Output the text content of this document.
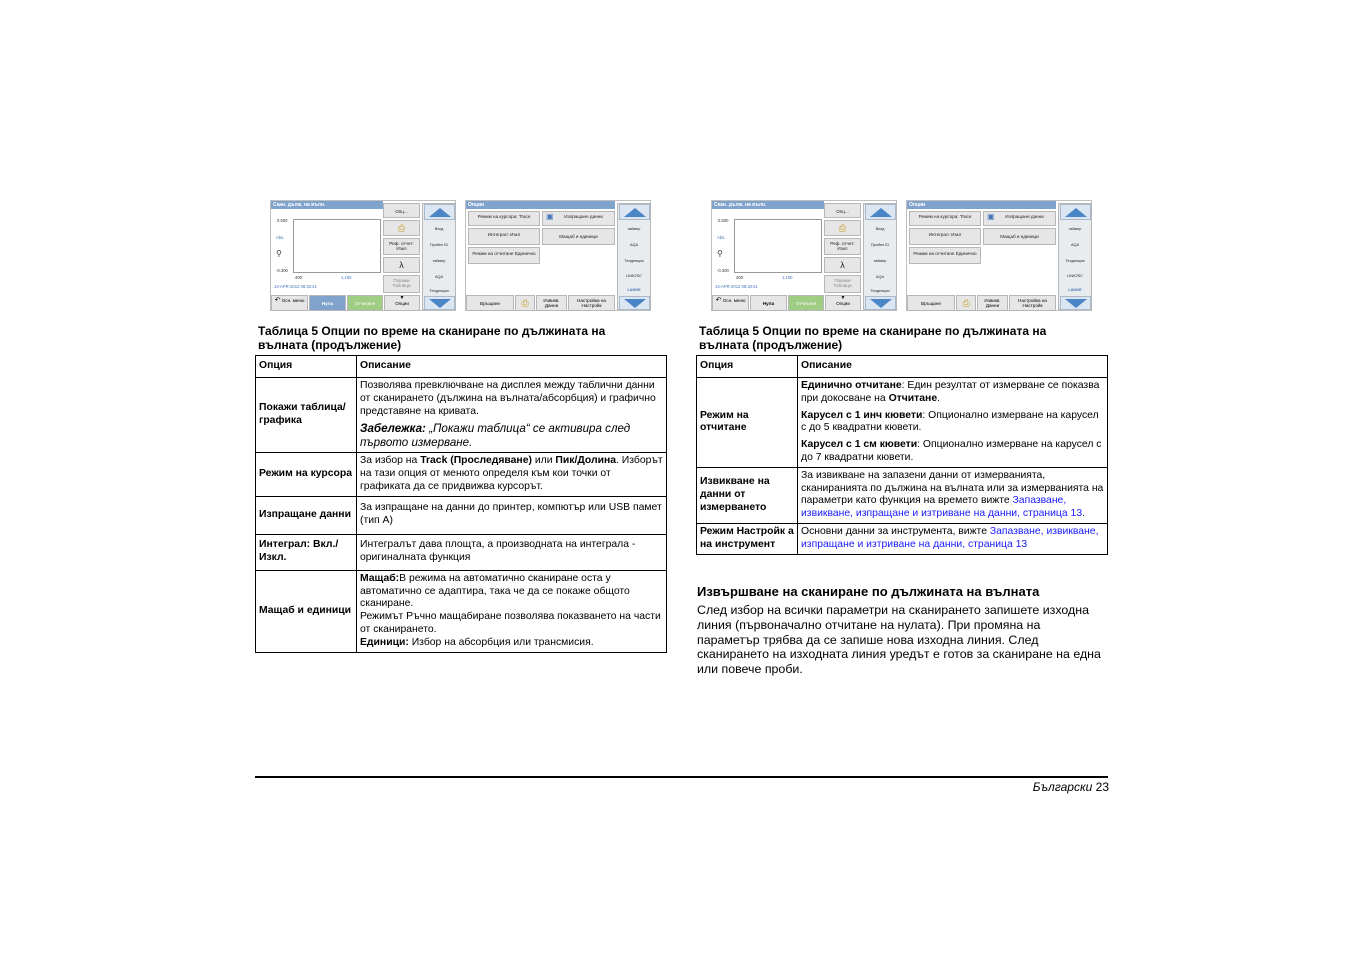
Скан. дълж. на вълн.
0.500
Abs.
⚲
-0.300
400	1,100
13-APR-2012 08:33:41
Опц...
⎙
Реф. отчет: Изкл
λ
Покажи Таблица
↶ Осн. меню
Нула	Отчитане
▼
Опции
Вход
Пробен ID
таймер
AQA
Тенденции
Опции
Режим на курсора: Trace	▣ Изпращане данни
Интеграл: Изкл	Мащаб и единици
Режим на отчитане Единично
Връщане	⎙	Извикв. Данни
Настройка на Настройк
таймер
AQA
Тенденции
LINK2SC
LANGE
Скан. дълж. на вълн.
0.500
Abs.
⚲
-0.300
400	1,100
13-APR-2012 08:33:41
Опц...
⎙
Реф. отчет: Изкл
λ
Покажи Таблица
↶ Осн. меню
Нула	Отчитане
▼
Опции
Вход
Пробен ID
таймер
AQA
Тенденции
Опции
Режим на курсора: Trace	▣ Изпращане данни
Интеграл: Изкл	Мащаб и единици
Режим на отчитане Единично
Връщане	⎙	Извикв. Данни
Настройка на Настройк
таймер
AQA
Тенденции
LINK2SC
LANGE
Таблица 5 Опции по време на сканиране по дължината на вълната (продължение)
Опция	Описание
Покажи таблица/ графика	Позволява превключване на дисплея между таблични данни от сканирането (дължина на вълната/абсорбция) и графично представяне на кривата.

Забележка: „Покажи таблица“ се активира след първото измерване.

Режим на курсора	За избор на Track (Проследяване) или Пик/Долина. Изборът на тази опция от менюто определя към кои точки от графиката да се придвижва курсорът.
Изпращане данни	За изпращане на данни до принтер, компютър или USB памет (тип A)
Интеграл: Вкл./ Изкл.	Интегралът дава площта, а производната на интеграла - оригиналната функция
Мащаб и единици	Мащаб:В режима на автоматично сканиране оста у автоматично се адаптира, така че да се покаже общото сканиране.
Режимът Ръчно мащабиране позволява показването на части от сканирането.
Единици: Избор на абсорбция или трансмисия.
Таблица 5 Опции по време на сканиране по дължината на вълната (продължение)
Опция	Описание
Режим на отчитане	Единично отчитане: Един резултат от измерване се показва при докосване на Отчитане.

Карусел с 1 инч кювети: Опционално измерване на карусел с до 5 квадратни кювети.

Карусел с 1 см кювети: Опционално измерване на карусел с до 7 квадратни кювети.

Извикване на данни от измерването	За извикване на запазени данни от измерванията, сканиранията по дължина на вълната или за измерванията на параметри като функция на времето вижте Запазване, извикване, изпращане и изтриване на данни, страница 13.
Режим Настройк а на инструмент	Основни данни за инструмента, вижте Запазване, извикване, изпращане и изтриване на данни, страница 13
Извършване на сканиране по дължината на вълната

След избор на всички параметри на сканирането запишете изходна линия (първоначално отчитане на нулата). При промяна на параметър трябва да се запише нова изходна линия. След сканирането на изходната линия уредът е готов за сканиране на една или повече проби.

Български 23
